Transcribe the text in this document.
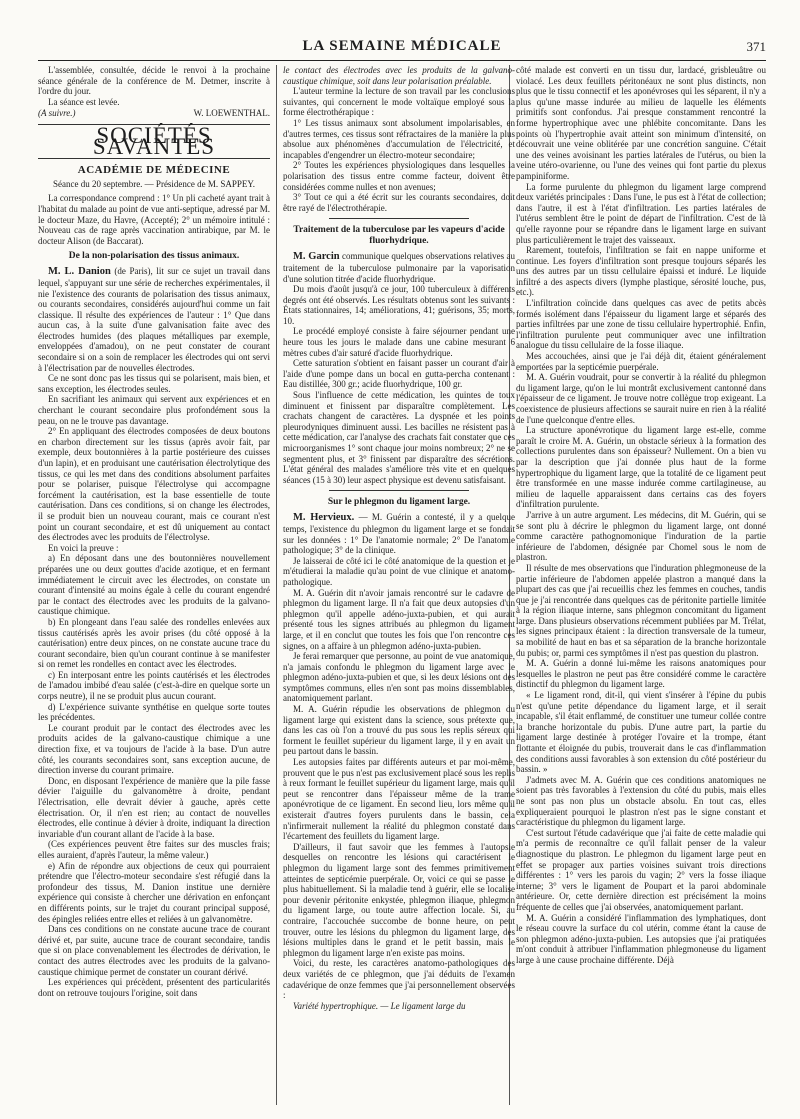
LA SEMAINE MÉDICALE	371

L'assemblée, consultée, décide le renvoi à la prochaine séance générale de la conférence de M. Detmer, inscrite à l'ordre du jour.

La séance est levée.

(A suivre.)	W. LOEWENTHAL.
SOCIÉTÉS SAVANTES
ACADÉMIE DE MÉDECINE
Séance du 20 septembre. — Présidence de M. SAPPEY.

La correspondance comprend : 1° Un pli cacheté ayant trait à l'habitat du malade au point de vue anti-septique, adressé par M. le docteur Maze, du Havre, (Accepté); 2° un mémoire intitulé : Nouveau cas de rage après vaccination antirabique, par M. le docteur Alison (de Baccarat).

De la non-polarisation des tissus animaux.

M. L. Danion (de Paris), lit sur ce sujet un travail dans lequel, s'appuyant sur une série de recherches expérimentales, il nie l'existence des courants de polarisation des tissus animaux, ou courants secondaires, considérés aujourd'hui comme un fait classique. Il résulte des expériences de l'auteur : 1° Que dans aucun cas, à la suite d'une galvanisation faite avec des électrodes humides (des plaques métalliques par exemple, enveloppées d'amadou), on ne peut constater de courant secondaire si on a soin de remplacer les électrodes qui ont servi à l'électrisation par de nouvelles électrodes.

Ce ne sont donc pas les tissus qui se polarisent, mais bien, et sans exception, les électrodes seules.

En sacrifiant les animaux qui servent aux expériences et en cherchant le courant secondaire plus profondément sous la peau, on ne le trouve pas davantage.

2° En appliquant des électrodes composées de deux boutons en charbon directement sur les tissus (après avoir fait, par exemple, deux boutonnières à la partie postérieure des cuisses d'un lapin), et en produisant une cautérisation électrolytique des tissus, ce qui les met dans des conditions absolument parfaites pour se polariser, puisque l'électrolyse qui accompagne forcément la cautérisation, est la base essentielle de toute cautérisation. Dans ces conditions, si on change les électrodes, il se produit bien un nouveau courant, mais ce courant n'est point un courant secondaire, et est dû uniquement au contact des électrodes avec les produits de l'électrolyse.

En voici la preuve :

a) En déposant dans une des boutonnières nouvellement préparées une ou deux gouttes d'acide azotique, et en fermant immédiatement le circuit avec les électrodes, on constate un courant d'intensité au moins égale à celle du courant engendré par le contact des électrodes avec les produits de la galvano-caustique chimique.

b) En plongeant dans l'eau salée des rondelles enlevées aux tissus cautérisés après les avoir prises (du côté opposé à la cautérisation) entre deux pinces, on ne constate aucune trace du courant secondaire, bien qu'un courant continue à se manifester si on remet les rondelles en contact avec les électrodes.

c) En interposant entre les points cautérisés et les électrodes de l'amadou imbibé d'eau salée (c'est-à-dire en quelque sorte un corps neutre), il ne se produit plus aucun courant.

d) L'expérience suivante synthétise en quelque sorte toutes les précédentes.

Le courant produit par le contact des électrodes avec les produits acides de la galvano-caustique chimique a une direction fixe, et va toujours de l'acide à la base. D'un autre côté, les courants secondaires sont, sans exception aucune, de direction inverse du courant primaire.

Donc, en disposant l'expérience de manière que la pile fasse dévier l'aiguille du galvanomètre à droite, pendant l'électrisation, elle devrait dévier à gauche, après cette électrisation. Or, il n'en est rien; au contact de nouvelles électrodes, elle continue à dévier à droite, indiquant la direction invariable d'un courant allant de l'acide à la base.

(Ces expériences peuvent être faites sur des muscles frais; elles auraient, d'après l'auteur, la même valeur.)

e) Afin de répondre aux objections de ceux qui pourraient prétendre que l'électro-moteur secondaire s'est réfugié dans la profondeur des tissus, M. Danion institue une dernière expérience qui consiste à chercher une dérivation en enfonçant en différents points, sur le trajet du courant principal supposé, des épingles reliées entre elles et reliées à un galvanomètre.

Dans ces conditions on ne constate aucune trace de courant dérivé et, par suite, aucune trace de courant secondaire, tandis que si on place convenablement les électrodes de dérivation, le contact des autres électrodes avec les produits de la galvano-caustique chimique permet de constater un courant dérivé.

Les expériences qui précèdent, présentent des particularités dont on retrouve toujours l'origine, soit dans

le contact des électrodes avec les produits de la galvano-caustique chimique, soit dans leur polarisation préalable.

L'auteur termine la lecture de son travail par les conclusions suivantes, qui concernent le mode voltaïque employé sous la forme électrothérapique :

1° Les tissus animaux sont absolument impolarisables, en d'autres termes, ces tissus sont réfractaires de la manière la plus absolue aux phénomènes d'accumulation de l'électricité, et incapables d'engendrer un électro-moteur secondaire;

2° Toutes les expériences physiologiques dans lesquelles la polarisation des tissus entre comme facteur, doivent être considérées comme nulles et non avenues;

3° Tout ce qui a été écrit sur les courants secondaires, doit être rayé de l'électrothérapie.

Traitement de la tuberculose par les vapeurs d'acide fluorhydrique.

M. Garcin communique quelques observations relatives au traitement de la tuberculose pulmonaire par la vaporisation d'une solution titrée d'acide fluorhydrique.

Du mois d'août jusqu'à ce jour, 100 tuberculeux à différents degrés ont été observés. Les résultats obtenus sont les suivants : États stationnaires, 14; améliorations, 41; guérisons, 35; morts, 10.

Le procédé employé consiste à faire séjourner pendant une heure tous les jours le malade dans une cabine mesurant 6 mètres cubes d'air saturé d'acide fluorhydrique.

Cette saturation s'obtient en faisant passer un courant d'air à l'aide d'une pompe dans un bocal en gutta-percha contenant : Eau distillée, 300 gr.; acide fluorhydrique, 100 gr.

Sous l'influence de cette médication, les quintes de toux diminuent et finissent par disparaître complètement. Les crachats changent de caractères. La dyspnée et les points pleurodyniques diminuent aussi. Les bacilles ne résistent pas à cette médication, car l'analyse des crachats fait constater que ces microorganismes 1° sont chaque jour moins nombreux; 2° ne se segmentent plus, et 3° finissent par disparaître des sécrétions. L'état général des malades s'améliore très vite et en quelques séances (15 à 30) leur aspect physique est devenu satisfaisant.

Sur le phlegmon du ligament large.

M. Hervieux. — M. Guérin a contesté, il y a quelque temps, l'existence du phlegmon du ligament large et se fondait sur les données : 1° De l'anatomie normale; 2° De l'anatomie pathologique; 3° de la clinique.

Je laisserai de côté ici le côté anatomique de la question et je m'étudierai la maladie qu'au point de vue clinique et anatomo-pathologique.

M. A. Guérin dit n'avoir jamais rencontré sur le cadavre de phlegmon du ligament large. Il n'a fait que deux autopsies d'un phlegmon qu'il appelle adéno-juxta-pubien, et qui aurait présenté tous les signes attribués au phlegmon du ligament large, et il en conclut que toutes les fois que l'on rencontre ces signes, on a affaire à un phlegmon adéno-juxta-pubien.

Je ferai remarquer que personne, au point de vue anatomique, n'a jamais confondu le phlegmon du ligament large avec le phlegmon adéno-juxta-pubien et que, si les deux lésions ont des symptômes communs, elles n'en sont pas moins dissemblables, anatomiquement parlant.

M. A. Guérin répudie les observations de phlegmon du ligament large qui existent dans la science, sous prétexte que, dans les cas où l'on a trouvé du pus sous les replis séreux qui forment le feuillet supérieur du ligament large, il y en avait un peu partout dans le bassin.

Les autopsies faites par différents auteurs et par moi-même, prouvent que le pus n'est pas exclusivement placé sous les replis à reux formant le feuillet supérieur du ligament large, mais qu'il peut se rencontrer dans l'épaisseur même de la trame aponévrotique de ce ligament. En second lieu, lors même qu'il existerait d'autres foyers purulents dans le bassin, cela n'infirmerait nullement la réalité du phlegmon constaté dans l'écartement des feuillets du ligament large.

D'ailleurs, il faut savoir que les femmes à l'autopsie desquelles on rencontre les lésions qui caractérisent le phlegmon du ligament large sont des femmes primitivement atteintes de septicémie puerpérale. Or, voici ce qui se passe le plus habituellement. Si la maladie tend à guérir, elle se localise pour devenir péritonite enkystée, phlegmon iliaque, phlegmon du ligament large, ou toute autre affection locale. Si, au contraire, l'accouchée succombe de bonne heure, on peut trouver, outre les lésions du phlegmon du ligament large, des lésions multiples dans le grand et le petit bassin, mais le phlegmon du ligament large n'en existe pas moins.

Voici, du reste, les caractères anatomo-pathologiques des deux variétés de ce phlegmon, que j'ai déduits de l'examen cadavérique de onze femmes que j'ai personnellement observées :

Variété hypertrophique. — Le ligament large du

côté malade est converti en un tissu dur, lardacé, grisbleuâtre ou violacé. Les deux feuillets péritonéaux ne sont plus distincts, non plus que le tissu connectif et les aponévroses qui les séparent, il n'y a plus qu'une masse indurée au milieu de laquelle les éléments primitifs sont confondus. J'ai presque constamment rencontré la forme hypertrophique avec une phlébite concomitante. Dans les points où l'hypertrophie avait atteint son minimum d'intensité, on découvrait une veine oblitérée par une concrétion sanguine. C'était une des veines avoisinant les parties latérales de l'utérus, ou bien la veine utéro-ovarienne, ou l'une des veines qui font partie du plexus pampiniforme.

La forme purulente du phlegmon du ligament large comprend deux variétés principales : Dans l'une, le pus est à l'état de collection; dans l'autre, il est à l'état d'infiltration. Les parties latérales de l'utérus semblent être le point de départ de l'infiltration. C'est de là qu'elle rayonne pour se répandre dans le ligament large en suivant plus particulièrement le trajet des vaisseaux.

Rarement, toutefois, l'infiltration se fait en nappe uniforme et continue. Les foyers d'infiltration sont presque toujours séparés les uns des autres par un tissu cellulaire épaissi et induré. Le liquide infiltré a des aspects divers (lymphe plastique, sérosité louche, pus, etc.).

L'infiltration coïncide dans quelques cas avec de petits abcès formés isolément dans l'épaisseur du ligament large et séparés des parties infiltrées par une zone de tissu cellulaire hypertrophié. Enfin, l'infiltration purulente peut communiquer avec une infiltration analogue du tissu cellulaire de la fosse iliaque.

Mes accouchées, ainsi que je l'ai déjà dit, étaient généralement emportées par la septicémie puerpérale.

M. A. Guérin voudrait, pour se convertir à la réalité du phlegmon du ligament large, qu'on le lui montrât exclusivement cantonné dans l'épaisseur de ce ligament. Je trouve notre collègue trop exigeant. La coexistence de plusieurs affections se saurait nuire en rien à la réalité de l'une quelconque d'entre elles.

La structure aponévrotique du ligament large est-elle, comme paraît le croire M. A. Guérin, un obstacle sérieux à la formation des collections purulentes dans son épaisseur? Nullement. On a bien vu par la description que j'ai donnée plus haut de la forme hypertrophique du ligament large, que la totalité de ce ligament peut être transformée en une masse indurée comme cartilagineuse, au milieu de laquelle apparaissent dans certains cas des foyers d'infiltration purulente.

J'arrive à un autre argument. Les médecins, dit M. Guérin, qui se se sont plu à décrire le phlegmon du ligament large, ont donné comme caractère pathognomonique l'induration de la partie inférieure de l'abdomen, désignée par Chomel sous le nom de plastron.

Il résulte de mes observations que l'induration phlegmoneuse de la partie inférieure de l'abdomen appelée plastron a manqué dans la plupart des cas que j'ai recueillis chez les femmes en couches, tandis que je j'ai rencontrée dans quelques cas de péritonite partielle limitée à la région iliaque interne, sans phlegmon concomitant du ligament large. Dans plusieurs observations récemment publiées par M. Trélat, les signes principaux étaient : la direction transversale de la tumeur, sa mobilité de haut en bas et sa séparation de la branche horizontale du pubis; or, parmi ces symptômes il n'est pas question du plastron.

M. A. Guérin a donné lui-même les raisons anatomiques pour lesquelles le plastron ne peut pas être considéré comme le caractère distinctif du phlegmon du ligament large.

« Le ligament rond, dit-il, qui vient s'insérer à l'épine du pubis n'est qu'une petite dépendance du ligament large, et il serait incapable, s'il était enflammé, de constituer une tumeur collée contre la branche horizontale du pubis. D'une autre part, la partie du ligament large destinée à protéger l'ovaire et la trompe, étant flottante et éloignée du pubis, trouverait dans le cas d'inflammation des conditions aussi favorables à son extension du côté postérieur du bassin. »

J'admets avec M. A. Guérin que ces conditions anatomiques ne soient pas très favorables à l'extension du côté du pubis, mais elles ne sont pas non plus un obstacle absolu. En tout cas, elles expliqueraient pourquoi le plastron n'est pas le signe constant et caractéristique du phlegmon du ligament large.

C'est surtout l'étude cadavérique que j'ai faite de cette maladie qui m'a permis de reconnaître ce qu'il fallait penser de la valeur diagnostique du plastron. Le phlegmon du ligament large peut en effet se propager aux parties voisines suivant trois directions différentes : 1° vers les parois du vagin; 2° vers la fosse iliaque interne; 3° vers le ligament de Poupart et la paroi abdominale antérieure. Or, cette dernière direction est précisément la moins fréquente de celles que j'ai observées, anatomiquement parlant.

M. A. Guérin a considéré l'inflammation des lymphatiques, dont le réseau couvre la surface du col utérin, comme étant la cause de son phlegmon adéno-juxta-pubien. Les autopsies que j'ai pratiquées m'ont conduit à attribuer l'inflammation phlegmoneuse du ligament large à une cause prochaine différente. Déjà
